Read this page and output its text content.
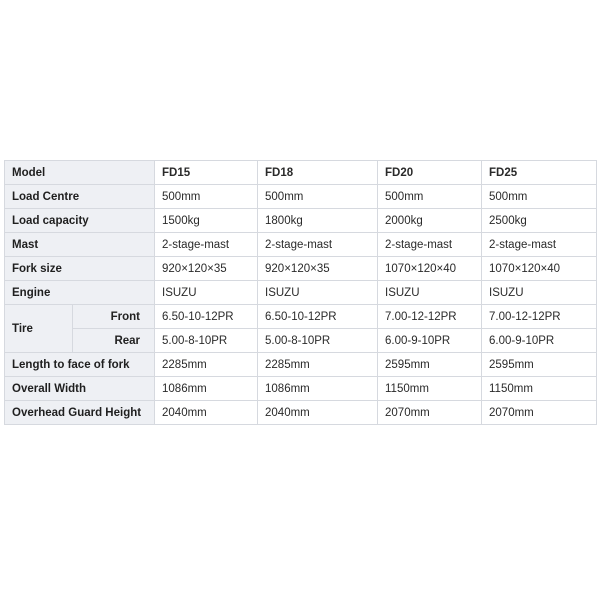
Model		FD15	FD18	FD20	FD25
Load Centre		500mm	500mm	500mm	500mm
Load capacity		1500kg	1800kg	2000kg	2500kg
Mast		2-stage-mast	2-stage-mast	2-stage-mast	2-stage-mast
Fork size		920×120×35	920×120×35	1070×120×40	1070×120×40
Engine		ISUZU	ISUZU	ISUZU	ISUZU
Tire	Front	6.50-10-12PR	6.50-10-12PR	7.00-12-12PR	7.00-12-12PR
	Rear	5.00-8-10PR	5.00-8-10PR	6.00-9-10PR	6.00-9-10PR
Length to face of fork		2285mm	2285mm	2595mm	2595mm
Overall Width		1086mm	1086mm	1150mm	1150mm
Overhead Guard Height		2040mm	2040mm	2070mm	2070mm
